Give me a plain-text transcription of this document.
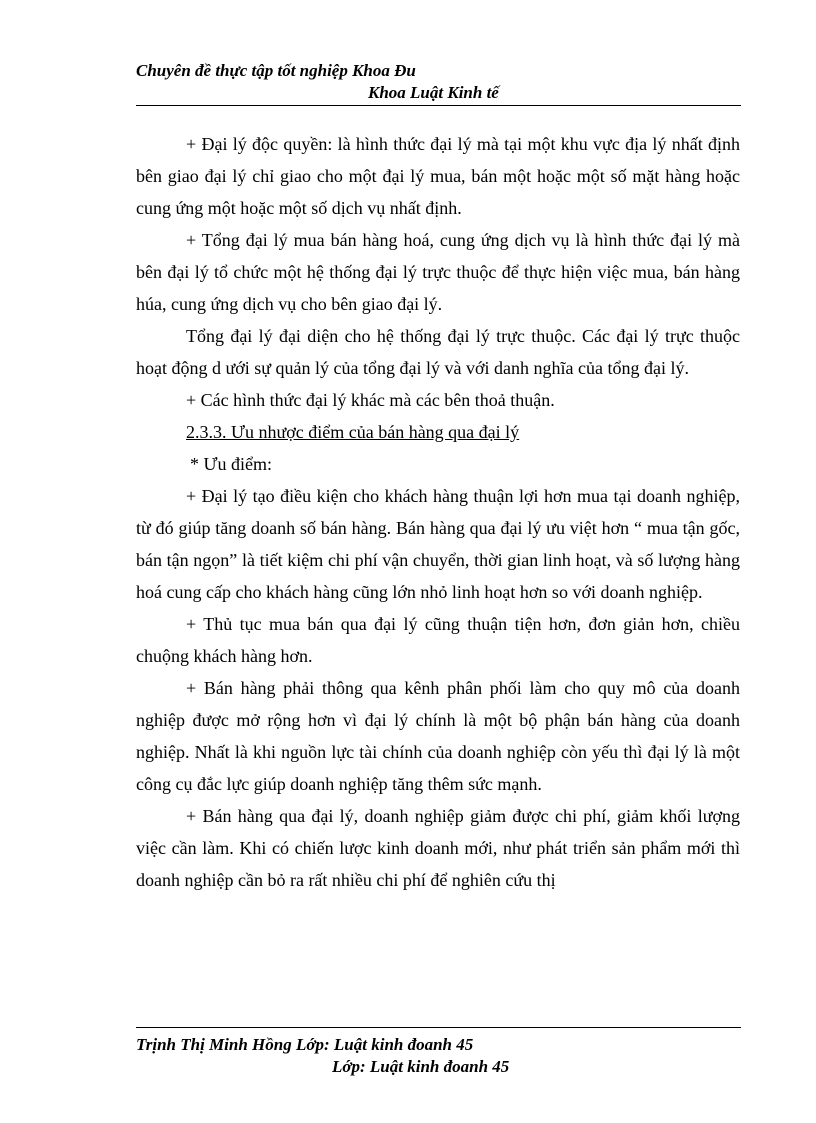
Chuyên đề thực tập tốt nghiệp Khoa Đu
Khoa Luật Kinh tế

+ Đại lý độc quyền: là hình thức đại lý mà tại một khu vực địa lý nhất định bên giao đại lý chỉ giao cho một đại lý mua, bán một hoặc một số mặt hàng hoặc cung ứng một hoặc một số dịch vụ nhất định.

+ Tổng đại lý mua bán hàng hoá, cung ứng dịch vụ là hình thức đại lý mà bên đại lý tổ chức một hệ thống đại lý trực thuộc để thực hiện việc mua, bán hàng húa, cung ứng dịch vụ cho bên giao đại lý.

Tổng đại lý đại diện cho hệ thống đại lý trực thuộc. Các đại lý trực thuộc hoạt động d ưới sự quản lý của tổng đại lý và với danh nghĩa của tổng đại lý.

+ Các hình thức đại lý khác mà các bên thoả thuận.

2.3.3. Ưu nhược điểm của bán hàng qua đại lý

* Ưu điểm:

+ Đại lý tạo điều kiện cho khách hàng thuận lợi hơn mua tại doanh nghiệp, từ đó giúp tăng doanh số bán hàng. Bán hàng qua đại lý ưu việt hơn “ mua tận gốc, bán tận ngọn” là tiết kiệm chi phí vận chuyển, thời gian linh hoạt, và số lượng hàng hoá cung cấp cho khách hàng cũng lớn nhỏ linh hoạt hơn so với doanh nghiệp.

+ Thủ tục mua bán qua đại lý cũng thuận tiện hơn, đơn giản hơn, chiều chuộng khách hàng hơn.

+ Bán hàng phải thông qua kênh phân phối làm cho quy mô của doanh nghiệp được mở rộng hơn vì đại lý chính là một bộ phận bán hàng của doanh nghiệp. Nhất là khi nguồn lực tài chính của doanh nghiệp còn yếu thì đại lý là một công cụ đắc lực giúp doanh nghiệp tăng thêm sức mạnh.

+ Bán hàng qua đại lý, doanh nghiệp giảm được chi phí, giảm khối lượng việc cần làm. Khi có chiến lược kinh doanh mới, như phát triển sản phẩm mới thì doanh nghiệp cần bỏ ra rất nhiều chi phí để nghiên cứu thị

Trịnh Thị Minh Hồng Lớp: Luật kinh đoanh 45
Lớp: Luật kinh đoanh 45
